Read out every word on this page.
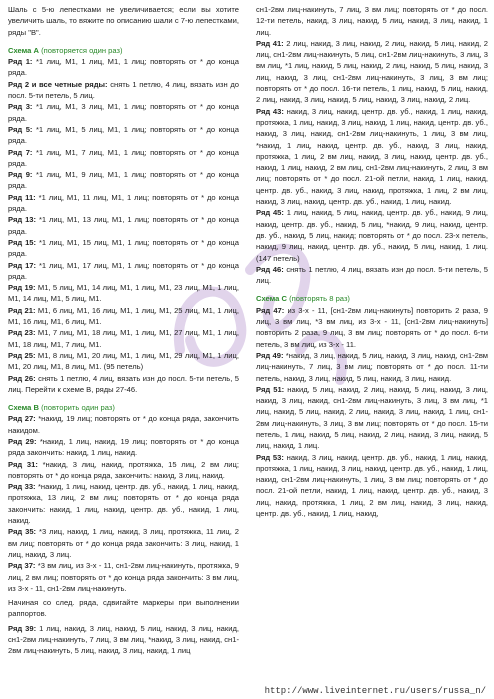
Шаль с 5-ю лепестками не увеличивается; если вы хотите увеличить шаль, то вяжите по описанию шали с 7-ю лепестками, ряды "В".

Схема А (повторяется один раз)

Ряд 1: *1 лиц, М1, 1 лиц, М1, 1 лиц; повторять от * до конца ряда.

Ряд 2 и все четные ряды: снять 1 петлю, 4 лиц, вязать изн до посл. 5-ти петель, 5 лиц.

Ряд 3: *1 лиц, М1, 3 лиц, М1, 1 лиц; повторять от * до конца ряда.

Ряд 5: *1 лиц, М1, 5 лиц, М1, 1 лиц; повторять от * до конца ряда.

Ряд 7: *1 лиц, М1, 7 лиц, М1, 1 лиц; повторять от * до конца ряда.

Ряд 9: *1 лиц, М1, 9 лиц, М1, 1 лиц; повторять от * до конца ряда.

Ряд 11: *1 лиц, М1, 11 лиц, М1, 1 лиц; повторять от * до конца ряда.

Ряд 13: *1 лиц, М1, 13 лиц, М1, 1 лиц; повторять от * до конца ряда.

Ряд 15: *1 лиц, М1, 15 лиц, М1, 1 лиц; повторять от * до конца ряда.

Ряд 17: *1 лиц, М1, 17 лиц, М1, 1 лиц; повторять от * до конца ряда.

Ряд 19: М1, 5 лиц, М1, 14 лиц, М1, 1 лиц, М1, 23 лиц, М1, 1 лиц, М1, 14 лиц, М1, 5 лиц, М1.

Ряд 21: М1, 6 лиц, М1, 16 лиц, М1, 1 лиц, М1, 25 лиц, М1, 1 лиц, М1, 16 лиц, М1, 6 лиц, М1.

Ряд 23: М1, 7 лиц, М1, 18 лиц, М1, 1 лиц, М1, 27 лиц, М1, 1 лиц, М1, 18 лиц, М1, 7 лиц, М1.

Ряд 25: М1, 8 лиц, М1, 20 лиц, М1, 1 лиц, М1, 29 лиц, М1, 1 лиц, М1, 20 лиц, М1, 8 лиц, М1. (95 петель)

Ряд 26: снять 1 петлю, 4 лиц, вязать изн до посл. 5-ти петель, 5 лиц. Перейти к схеме В, ряды 27-46.

Схема В (повторить один раз)

Ряд 27: *накид, 19 лиц; повторять от * до конца ряда, закончить накидом.

Ряд 29: *накид, 1 лиц, накид, 19 лиц; повторять от * до конца ряда закончить: накид, 1 лиц, накид.

Ряд 31: *накид, 3 лиц, накид, протяжка, 15 лиц, 2 вм лиц; повторять от * до конца ряда, закончить: накид, 3 лиц, накид.

Ряд 33: *накид, 1 лиц, накид, центр. дв. уб., накид, 1 лиц, накид, протяжка, 13 лиц, 2 вм лиц; повторять от * до конца ряда закончить: накид, 1 лиц, накид, центр. дв. уб., накид, 1 лиц, накид.

Ряд 35: *3 лиц, накид, 1 лиц, накид, 3 лиц, протяжка, 11 лиц, 2 вм лиц; повторять от * до конца ряда закончить: 3 лиц, накид, 1 лиц, накид, 3 лиц.

Ряд 37: *3 вм лиц, из 3-х - 11, сн1-2вм лиц-накинуть, протяжка, 9 лиц, 2 вм лиц; повторять от * до конца ряда закончить: 3 вм лиц, из 3-х - 11, сн1-2вм лиц-накинуть.

Начиная со след. ряда, сдвигайте маркеры при выполнении раппортов.

Ряд 39: 1 лиц, накид, 3 лиц, накид, 5 лиц, накид, 3 лиц, накид, сн1-2вм лиц-накинуть, 7 лиц, 3 вм лиц, *накид, 3 лиц, накид, сн1-2вм лиц-накинуть, 5 лиц, накид, 3 лиц, накид, 1 лиц

сн1-2вм лиц-накинуть, 7 лиц, 3 вм лиц; повторять от * до посл. 12-ти петель, накид, 3 лиц, накид, 5 лиц, накид, 3 лиц, накид, 1 лиц.

Ряд 41: 2 лиц, накид, 3 лиц, накид, 2 лиц, накид, 5 лиц, накид, 2 лиц, сн1-2вм лиц-накинуть, 5 лиц, сн1-2вм лиц-накинуть, 3 лиц, 3 вм лиц, *1 лиц, накид, 5 лиц, накид, 2 лиц, накид, 5 лиц, накид, 3 лиц, накид, 3 лиц, сн1-2вм лиц-накинуть, 3 лиц, 3 вм лиц; повторять от * до посл. 16-ти петель, 1 лиц, накид, 5 лиц, накид, 2 лиц, накид, 3 лиц, накид, 5 лиц, накид, 3 лиц, накид, 2 лиц.

Ряд 43: накид, 3 лиц, накид, центр. дв. уб., накид, 1 лиц, накид, протяжка, 1 лиц, накид, 3 лиц, накид, 1 лиц, накид, центр. дв. уб., накид, 3 лиц, накид, сн1-2вм лиц-накинуть, 1 лиц, 3 вм лиц, *накид, 1 лиц, накид, центр. дв. уб., накид, 3 лиц, накид, протяжка, 1 лиц, 2 вм лиц, накид, 3 лиц, накид, центр. дв. уб., накид, 1 лиц, накид, 2 вм лиц, сн1-2вм лиц-накинуть, 2 лиц, 3 вм лиц; повторять от * до посл. 21-ой петли, накид, 1 лиц, накид, центр. дв. уб., накид, 3 лиц, накид, протяжка, 1 лиц, 2 вм лиц, накид, 3 лиц, накид, центр. дв. уб., накид, 1 лиц, накид.

Ряд 45: 1 лиц, накид, 5 лиц, накид, центр. дв. уб., накид, 9 лиц, накид, центр. дв. уб., накид, 5 лиц, *накид, 9 лиц, накид, центр. дв. уб., накид, 5 лиц, накид; повторять от * до посл. 23-х петель, накид, 9 лиц, накид, центр. дв. уб., накид, 5 лиц, накид, 1 лиц. (147 петель)

Ряд 46: снять 1 петлю, 4 лиц, вязать изн до посл. 5-ти петель, 5 лиц.

Схема С (повторять 8 раз)

Ряд 47: из 3-х - 11, [сн1-2вм лиц-накинуть] повторить 2 раза, 9 лиц, 3 вм лиц, *3 вм лиц, из 3-х - 11, [сн1-2вм лиц-накинуть] повторить 2 раза, 9 лиц, 3 вм лиц; повторять от * до посл. 6-ти петель, 3 вм лиц, из 3-х - 11.

Ряд 49: *накид, 3 лиц, накид, 5 лиц, накид, 3 лиц, накид, сн1-2вм лиц-накинуть, 7 лиц, 3 вм лиц; повторять от * до посл. 11-ти петель, накид, 3 лиц, накид, 5 лиц, накид, 3 лиц, накид.

Ряд 51: накид, 5 лиц, накид, 2 лиц, накид, 5 лиц, накид, 3 лиц, накид, 3 лиц, накид, сн1-2вм лиц-накинуть, 3 лиц, 3 вм лиц, *1 лиц, накид, 5 лиц, накид, 2 лиц, накид, 3 лиц, накид, 1 лиц, сн1-2вм лиц-накинуть, 3 лиц, 3 вм лиц; повторять от * до посл. 15-ти петель, 1 лиц, накид, 5 лиц, накид, 2 лиц, накид, 3 лиц, накид, 5 лиц, накид, 1 лиц.

Ряд 53: накид, 3 лиц, накид, центр. дв. уб., накид, 1 лиц, накид, протяжка, 1 лиц, накид, 3 лиц, накид, центр. дв. уб., накид, 1 лиц, накид, сн1-2вм лиц-накинуть, 1 лиц, 3 вм лиц; повторять от * до посл. 21-ой петли, накид, 1 лиц, накид, центр. дв. уб., накид, 3 лиц, накид, протяжка, 1 лиц, 2 вм лиц, накид, 3 лиц, накид, центр. дв. уб., накид, 1 лиц, накид,

http://www.liveinternet.ru/users/russa_n/
